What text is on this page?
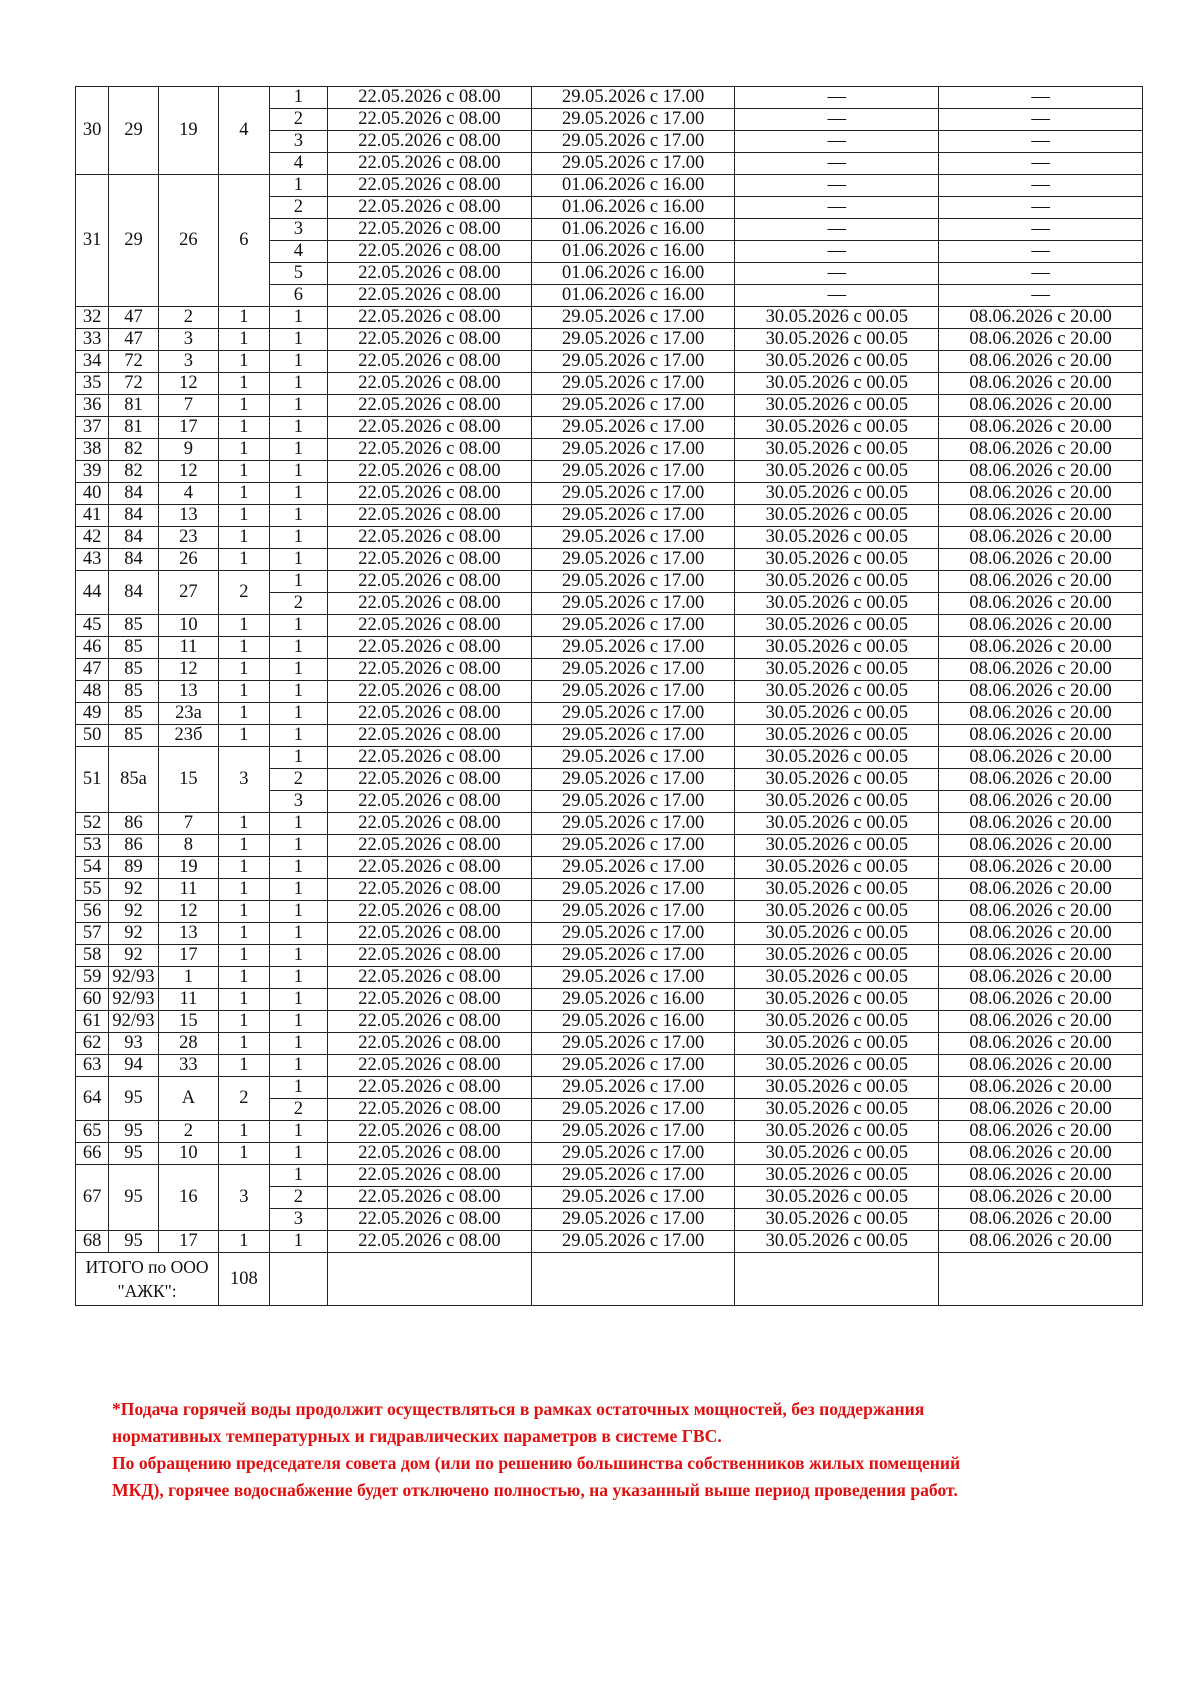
30	29	19	4	1	22.05.2026 с 08.00	29.05.2026 с 17.00	—	—
				2	22.05.2026 с 08.00	29.05.2026 с 17.00	—	—
				3	22.05.2026 с 08.00	29.05.2026 с 17.00	—	—
				4	22.05.2026 с 08.00	29.05.2026 с 17.00	—	—
31	29	26	6	1	22.05.2026 с 08.00	01.06.2026 с 16.00	—	—
				2	22.05.2026 с 08.00	01.06.2026 с 16.00	—	—
				3	22.05.2026 с 08.00	01.06.2026 с 16.00	—	—
				4	22.05.2026 с 08.00	01.06.2026 с 16.00	—	—
				5	22.05.2026 с 08.00	01.06.2026 с 16.00	—	—
				6	22.05.2026 с 08.00	01.06.2026 с 16.00	—	—
32	47	2	1	1	22.05.2026 с 08.00	29.05.2026 с 17.00	30.05.2026 с 00.05	08.06.2026 с 20.00
33	47	3	1	1	22.05.2026 с 08.00	29.05.2026 с 17.00	30.05.2026 с 00.05	08.06.2026 с 20.00
34	72	3	1	1	22.05.2026 с 08.00	29.05.2026 с 17.00	30.05.2026 с 00.05	08.06.2026 с 20.00
35	72	12	1	1	22.05.2026 с 08.00	29.05.2026 с 17.00	30.05.2026 с 00.05	08.06.2026 с 20.00
36	81	7	1	1	22.05.2026 с 08.00	29.05.2026 с 17.00	30.05.2026 с 00.05	08.06.2026 с 20.00
37	81	17	1	1	22.05.2026 с 08.00	29.05.2026 с 17.00	30.05.2026 с 00.05	08.06.2026 с 20.00
38	82	9	1	1	22.05.2026 с 08.00	29.05.2026 с 17.00	30.05.2026 с 00.05	08.06.2026 с 20.00
39	82	12	1	1	22.05.2026 с 08.00	29.05.2026 с 17.00	30.05.2026 с 00.05	08.06.2026 с 20.00
40	84	4	1	1	22.05.2026 с 08.00	29.05.2026 с 17.00	30.05.2026 с 00.05	08.06.2026 с 20.00
41	84	13	1	1	22.05.2026 с 08.00	29.05.2026 с 17.00	30.05.2026 с 00.05	08.06.2026 с 20.00
42	84	23	1	1	22.05.2026 с 08.00	29.05.2026 с 17.00	30.05.2026 с 00.05	08.06.2026 с 20.00
43	84	26	1	1	22.05.2026 с 08.00	29.05.2026 с 17.00	30.05.2026 с 00.05	08.06.2026 с 20.00
44	84	27	2	1	22.05.2026 с 08.00	29.05.2026 с 17.00	30.05.2026 с 00.05	08.06.2026 с 20.00
				2	22.05.2026 с 08.00	29.05.2026 с 17.00	30.05.2026 с 00.05	08.06.2026 с 20.00
45	85	10	1	1	22.05.2026 с 08.00	29.05.2026 с 17.00	30.05.2026 с 00.05	08.06.2026 с 20.00
46	85	11	1	1	22.05.2026 с 08.00	29.05.2026 с 17.00	30.05.2026 с 00.05	08.06.2026 с 20.00
47	85	12	1	1	22.05.2026 с 08.00	29.05.2026 с 17.00	30.05.2026 с 00.05	08.06.2026 с 20.00
48	85	13	1	1	22.05.2026 с 08.00	29.05.2026 с 17.00	30.05.2026 с 00.05	08.06.2026 с 20.00
49	85	23а	1	1	22.05.2026 с 08.00	29.05.2026 с 17.00	30.05.2026 с 00.05	08.06.2026 с 20.00
50	85	23б	1	1	22.05.2026 с 08.00	29.05.2026 с 17.00	30.05.2026 с 00.05	08.06.2026 с 20.00
51	85а	15	3	1	22.05.2026 с 08.00	29.05.2026 с 17.00	30.05.2026 с 00.05	08.06.2026 с 20.00
				2	22.05.2026 с 08.00	29.05.2026 с 17.00	30.05.2026 с 00.05	08.06.2026 с 20.00
				3	22.05.2026 с 08.00	29.05.2026 с 17.00	30.05.2026 с 00.05	08.06.2026 с 20.00
52	86	7	1	1	22.05.2026 с 08.00	29.05.2026 с 17.00	30.05.2026 с 00.05	08.06.2026 с 20.00
53	86	8	1	1	22.05.2026 с 08.00	29.05.2026 с 17.00	30.05.2026 с 00.05	08.06.2026 с 20.00
54	89	19	1	1	22.05.2026 с 08.00	29.05.2026 с 17.00	30.05.2026 с 00.05	08.06.2026 с 20.00
55	92	11	1	1	22.05.2026 с 08.00	29.05.2026 с 17.00	30.05.2026 с 00.05	08.06.2026 с 20.00
56	92	12	1	1	22.05.2026 с 08.00	29.05.2026 с 17.00	30.05.2026 с 00.05	08.06.2026 с 20.00
57	92	13	1	1	22.05.2026 с 08.00	29.05.2026 с 17.00	30.05.2026 с 00.05	08.06.2026 с 20.00
58	92	17	1	1	22.05.2026 с 08.00	29.05.2026 с 17.00	30.05.2026 с 00.05	08.06.2026 с 20.00
59	92/93	1	1	1	22.05.2026 с 08.00	29.05.2026 с 17.00	30.05.2026 с 00.05	08.06.2026 с 20.00
60	92/93	11	1	1	22.05.2026 с 08.00	29.05.2026 с 16.00	30.05.2026 с 00.05	08.06.2026 с 20.00
61	92/93	15	1	1	22.05.2026 с 08.00	29.05.2026 с 16.00	30.05.2026 с 00.05	08.06.2026 с 20.00
62	93	28	1	1	22.05.2026 с 08.00	29.05.2026 с 17.00	30.05.2026 с 00.05	08.06.2026 с 20.00
63	94	33	1	1	22.05.2026 с 08.00	29.05.2026 с 17.00	30.05.2026 с 00.05	08.06.2026 с 20.00
64	95	А	2	1	22.05.2026 с 08.00	29.05.2026 с 17.00	30.05.2026 с 00.05	08.06.2026 с 20.00
				2	22.05.2026 с 08.00	29.05.2026 с 17.00	30.05.2026 с 00.05	08.06.2026 с 20.00
65	95	2	1	1	22.05.2026 с 08.00	29.05.2026 с 17.00	30.05.2026 с 00.05	08.06.2026 с 20.00
66	95	10	1	1	22.05.2026 с 08.00	29.05.2026 с 17.00	30.05.2026 с 00.05	08.06.2026 с 20.00
67	95	16	3	1	22.05.2026 с 08.00	29.05.2026 с 17.00	30.05.2026 с 00.05	08.06.2026 с 20.00
				2	22.05.2026 с 08.00	29.05.2026 с 17.00	30.05.2026 с 00.05	08.06.2026 с 20.00
				3	22.05.2026 с 08.00	29.05.2026 с 17.00	30.05.2026 с 00.05	08.06.2026 с 20.00
68	95	17	1	1	22.05.2026 с 08.00	29.05.2026 с 17.00	30.05.2026 с 00.05	08.06.2026 с 20.00
ИТОГО по ООО "АЖК":			108					

*Подача горячей воды продолжит осуществляться в рамках остаточных мощностей, без поддержания

нормативных температурных и гидравлических параметров в системе ГВС.

По обращению председателя совета дом (или по решению большинства собственников жилых помещений

МКД), горячее водоснабжение будет отключено полностью, на указанный выше период проведения работ.
